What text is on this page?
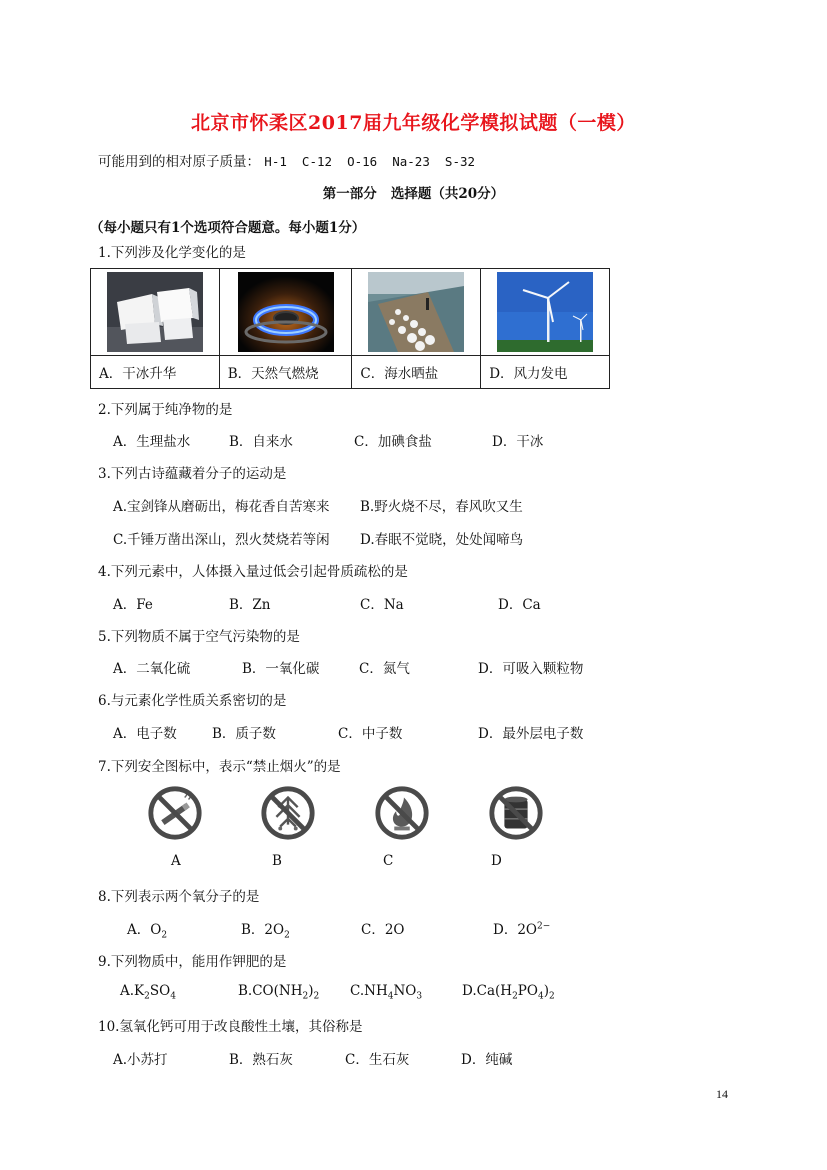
北京市怀柔区2017届九年级化学模拟试题（一模）
可能用到的相对原子质量： H-1  C-12  O-16  Na-23  S-32
第一部分   选择题（共20分）
（每小题只有1个选项符合题意。每小题1分）
1.下列涉及化学变化的是

A．干冰升华	B．天然气燃烧	C．海水晒盐	D．风力发电
2.下列属于纯净物的是
A．生理盐水	B．自来水	C．加碘食盐	D．干冰
3.下列古诗蕴藏着分子的运动是
A.宝剑锋从磨砺出，梅花香自苦寒来 B.野火烧不尽，春风吹又生
C.千锤万凿出深山，烈火焚烧若等闲 D.春眠不觉晓，处处闻啼鸟
4.下列元素中，人体摄入量过低会引起骨质疏松的是
A．Fe	B．Zn	C．Na	D．Ca
5.下列物质不属于空气污染物的是
A．二氧化硫	B．一氧化碳	C．氮气	D．可吸入颗粒物
6.与元素化学性质关系密切的是
A．电子数	B．质子数	C．中子数	D．最外层电子数
7.下列安全图标中，表示“禁止烟火”的是
A	B	C	D
8.下列表示两个氧分子的是
A．$O_2$	B．$2O_2$	C．2O	D．$2O^{2-}$
9.下列物质中，能用作钾肥的是
$A.K_2SO_4$	$B.CO(NH_2)_2$ $C.NH_4NO_3$	$D.Ca(H_2PO_4)_2$
10.氢氧化钙可用于改良酸性土壤，其俗称是
A.小苏打	B．熟石灰	C．生石灰	D．纯碱
14
